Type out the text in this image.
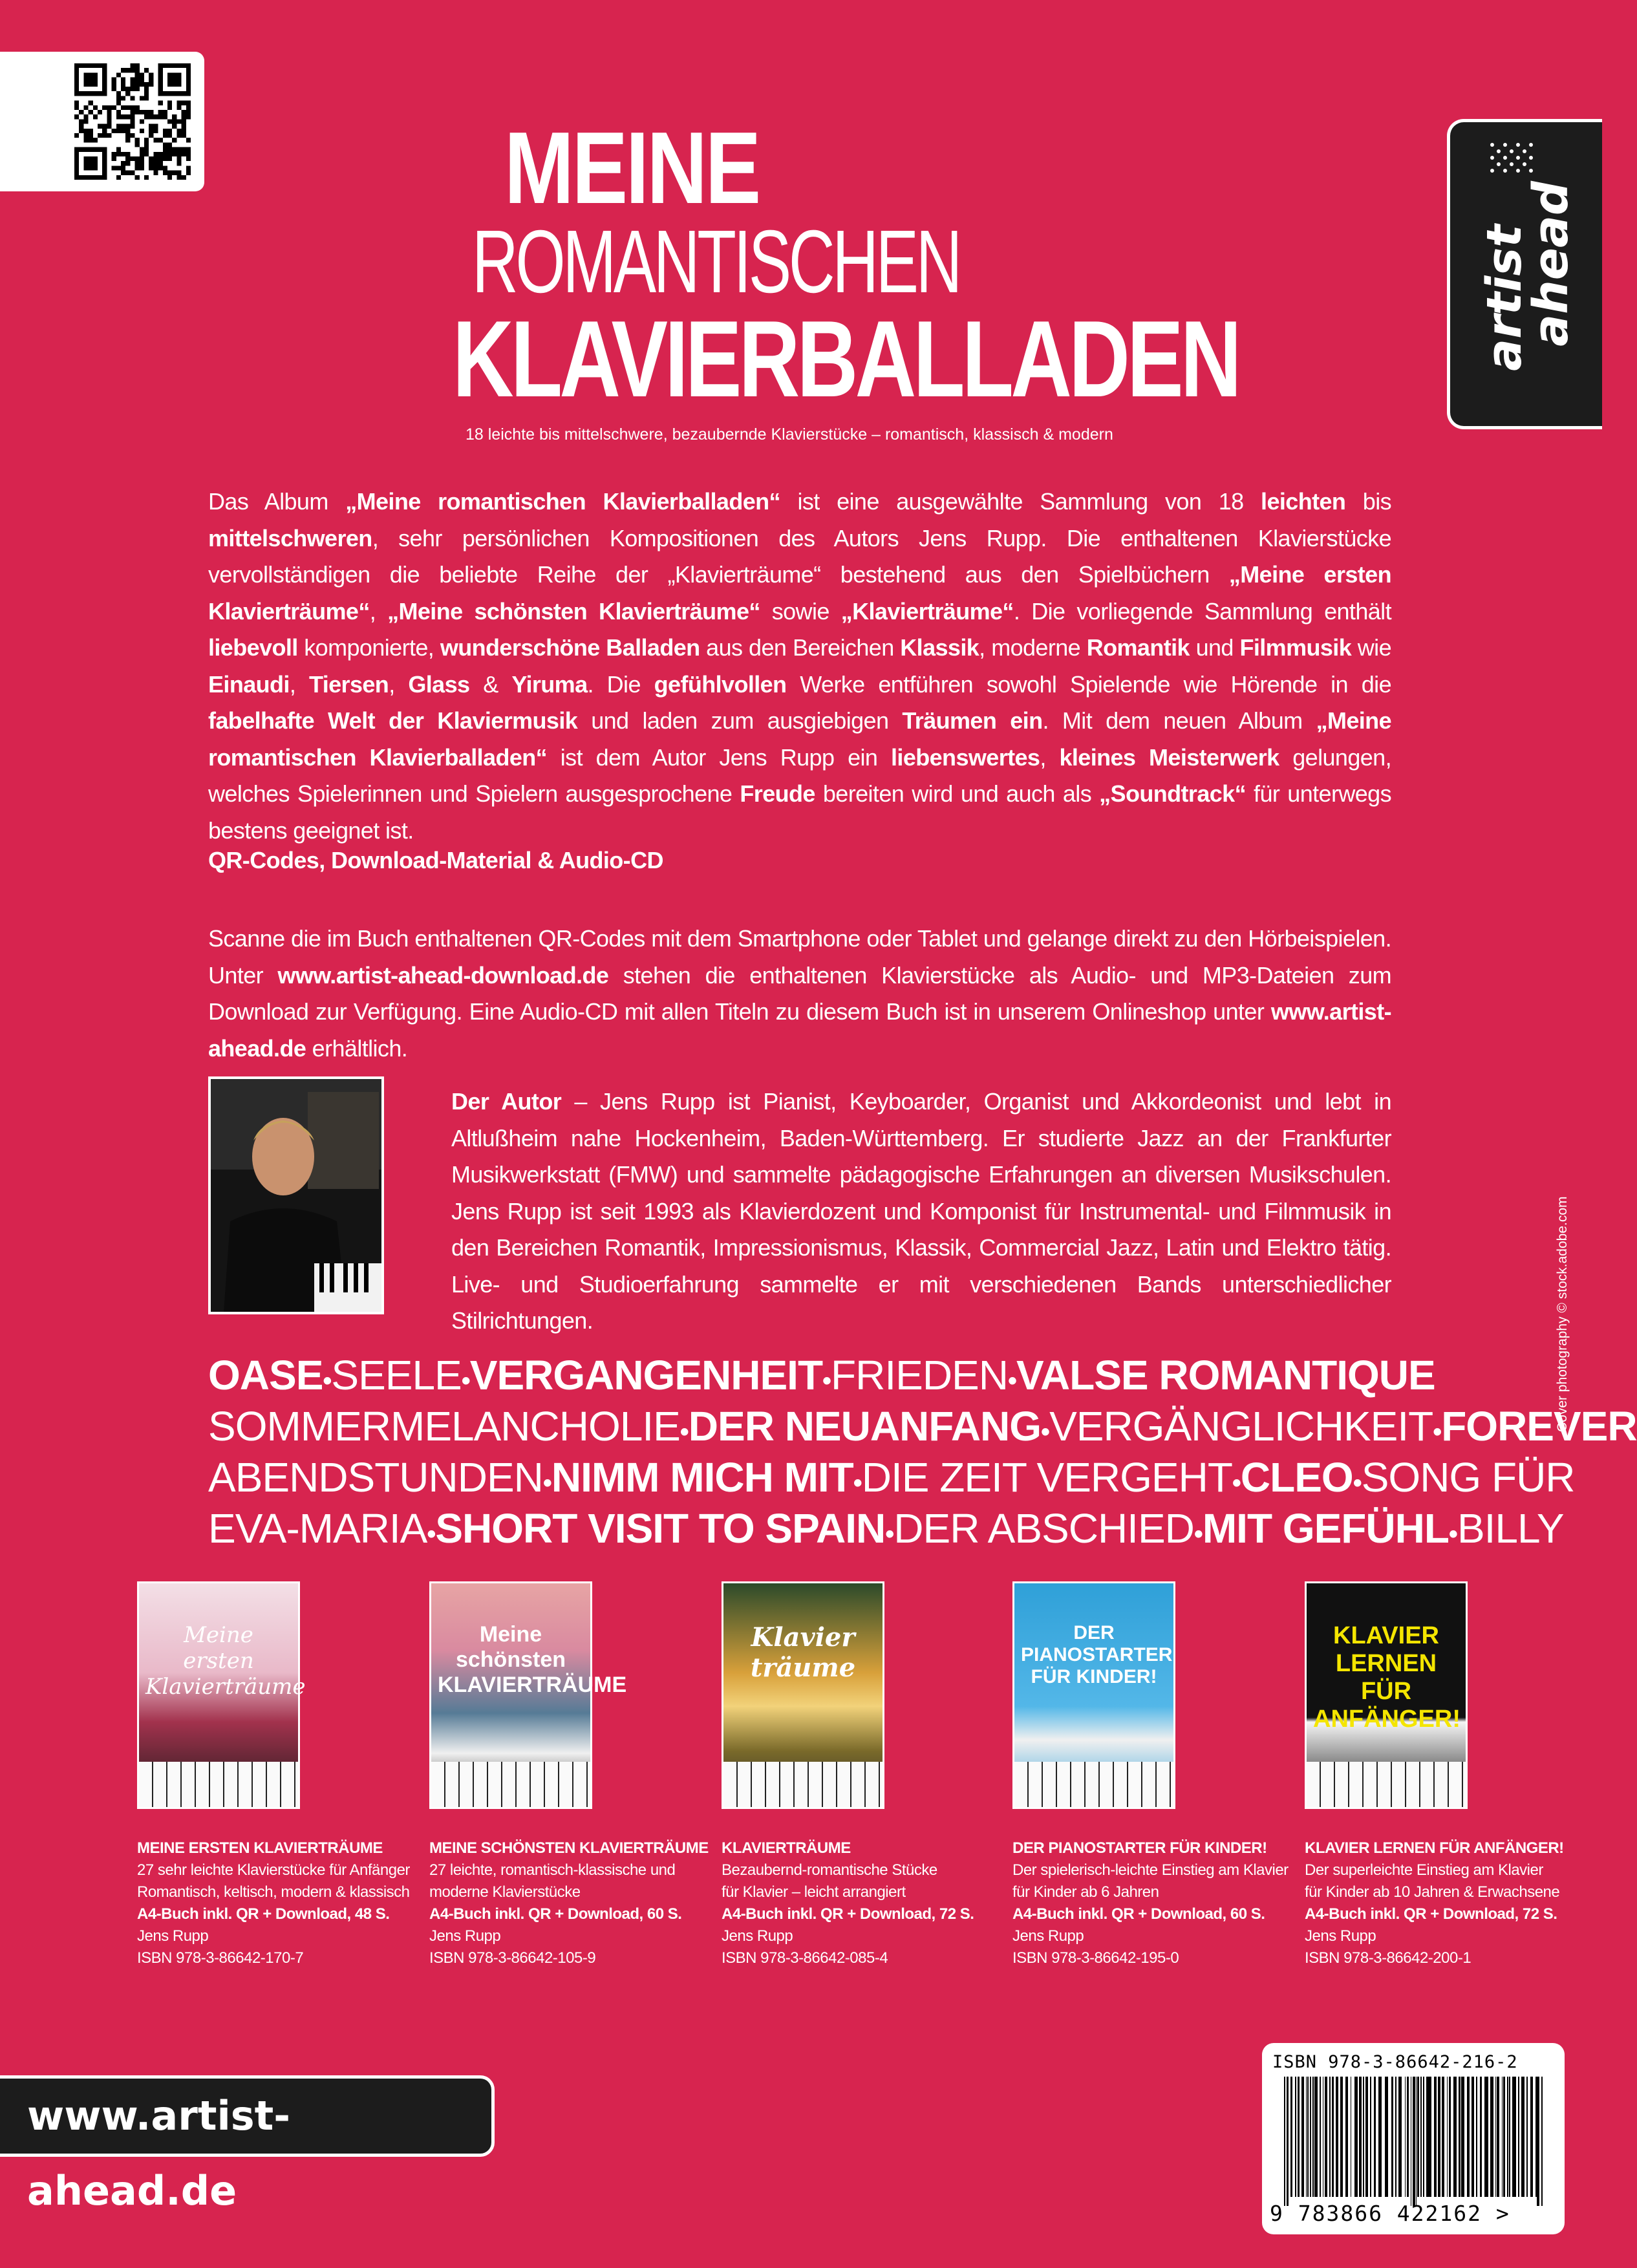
artist
ahead
MEINE
ROMANTISCHEN
KLAVIERBALLADEN
18 leichte bis mittelschwere, bezaubernde Klavierstücke – romantisch, klassisch & modern
Das Album „Meine romantischen Klavierballaden“ ist eine ausgewählte Sammlung von 18 leichten bis mittelschweren, sehr persönlichen Kompositionen des Autors Jens Rupp. Die enthaltenen Klavierstücke vervollständigen die beliebte Reihe der „Klavierträume“ bestehend aus den Spielbüchern „Meine ersten Klavierträume“, „Meine schönsten Klavierträume“ sowie „Klavierträume“. Die vorliegende Sammlung enthält liebevoll komponierte, wunderschöne Balladen aus den Bereichen Klassik, moderne Romantik und Filmmusik wie Einaudi, Tiersen, Glass & Yiruma. Die gefühlvollen Werke entführen sowohl Spielende wie Hörende in die fabelhafte Welt der Klaviermusik und laden zum ausgiebigen Träumen ein. Mit dem neuen Album „Meine romantischen Klavierballaden“ ist dem Autor Jens Rupp ein liebenswertes, kleines Meisterwerk gelungen, welches Spielerinnen und Spielern ausgesprochene Freude bereiten wird und auch als „Soundtrack“ für unterwegs bestens geeignet ist.
QR-Codes, Download-Material & Audio-CD
Scanne die im Buch enthaltenen QR-Codes mit dem Smartphone oder Tablet und gelange direkt zu den Hörbeispielen. Unter www.artist-ahead-download.de stehen die enthaltenen Klavierstücke als Audio- und MP3-Dateien zum Download zur Verfügung. Eine Audio-CD mit allen Titeln zu diesem Buch ist in unserem Onlineshop unter www.artist-ahead.de erhältlich.
Der Autor – Jens Rupp ist Pianist, Keyboarder, Organist und Akkordeonist und lebt in Altlußheim nahe Hockenheim, Baden-Württemberg. Er studierte Jazz an der Frankfurter Musikwerkstatt (FMW) und sammelte pädagogische Erfahrungen an diversen Musikschulen. Jens Rupp ist seit 1993 als Klavierdozent und Komponist für Instrumental- und Filmmusik in den Bereichen Romantik, Impressionismus, Klassik, Commercial Jazz, Latin und Elektro tätig. Live- und Studioerfahrung sammelte er mit verschiedenen Bands unterschiedlicher Stilrichtungen.
OASE • SEELE • VERGANGENHEIT • FRIEDEN • VALSE ROMANTIQUE
SOMMERMELANCHOLIE • DER NEUANFANG • VERGÄNGLICHKEIT • FOREVER
ABENDSTUNDEN • NIMM MICH MIT • DIE ZEIT VERGEHT • CLEO • SONG FÜR
EVA-MARIA • SHORT VISIT TO SPAIN • DER ABSCHIED • MIT GEFÜHL • BILLY
Meine ersten Klavierträume
MEINE ERSTEN KLAVIERTRÄUME
27 sehr leichte Klavierstücke für Anfänger
Romantisch, keltisch, modern & klassisch
A4-Buch inkl. QR + Download, 48 S.
Jens Rupp
ISBN 978-3-86642-170-7
Meine schönsten KLAVIERTRÄUME
MEINE SCHÖNSTEN KLAVIERTRÄUME
27 leichte, romantisch-klassische und
moderne Klavierstücke
A4-Buch inkl. QR + Download, 60 S.
Jens Rupp
ISBN 978-3-86642-105-9
Klavier träume
KLAVIERTRÄUME
Bezaubernd-romantische Stücke
für Klavier – leicht arrangiert
A4-Buch inkl. QR + Download, 72 S.
Jens Rupp
ISBN 978-3-86642-085-4
DER PIANOSTARTER FÜR KINDER!
DER PIANOSTARTER FÜR KINDER!
Der spielerisch-leichte Einstieg am Klavier
für Kinder ab 6 Jahren
A4-Buch inkl. QR + Download, 60 S.
Jens Rupp
ISBN 978-3-86642-195-0
KLAVIER LERNEN FÜR ANFÄNGER!
KLAVIER LERNEN FÜR ANFÄNGER!
Der superleichte Einstieg am Klavier
für Kinder ab 10 Jahren & Erwachsene
A4-Buch inkl. QR + Download, 72 S.
Jens Rupp
ISBN 978-3-86642-200-1
www.artist-ahead.de
ISBN 978-3-86642-216-2
9 783866 422162 >
Cover photography © stock.adobe.com
